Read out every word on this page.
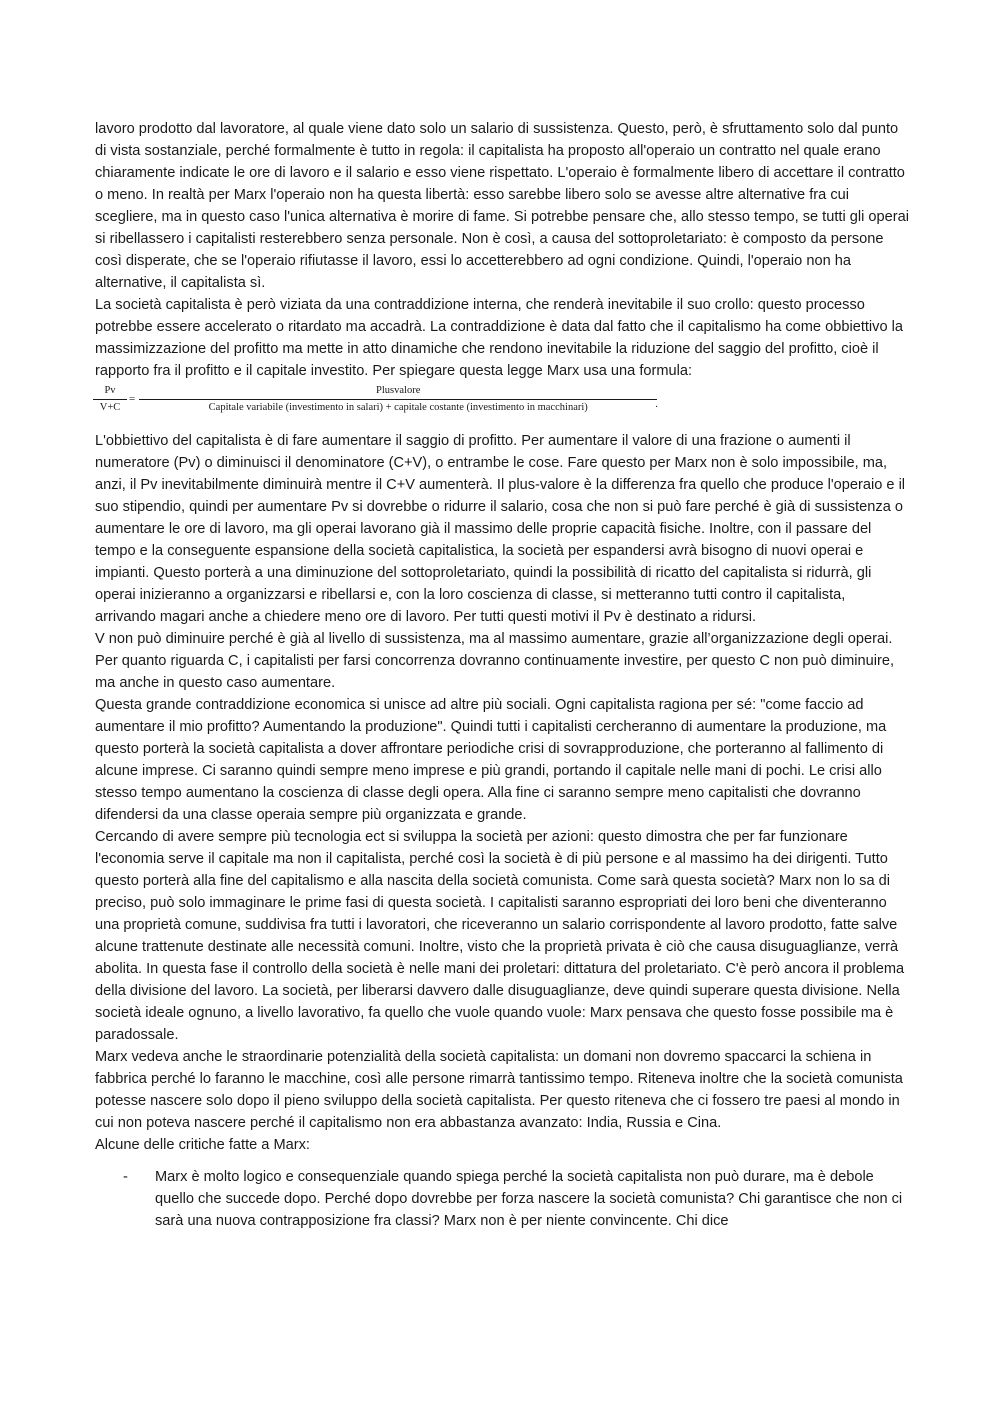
lavoro prodotto dal lavoratore, al quale viene dato solo un salario di sussistenza. Questo, però, è sfruttamento solo dal punto di vista sostanziale, perché formalmente è tutto in regola: il capitalista ha proposto all'operaio un contratto nel quale erano chiaramente indicate le ore di lavoro e il salario e esso viene rispettato. L'operaio è formalmente libero di accettare il contratto o meno. In realtà per Marx l'operaio non ha questa libertà: esso sarebbe libero solo se avesse altre alternative fra cui scegliere, ma in questo caso l'unica alternativa è morire di fame. Si potrebbe pensare che, allo stesso tempo, se tutti gli operai si ribellassero i capitalisti resterebbero senza personale. Non è così, a causa del sottoproletariato: è composto da persone così disperate, che se l'operaio rifiutasse il lavoro, essi lo accetterebbero ad ogni condizione. Quindi, l'operaio non ha alternative, il capitalista sì.

La società capitalista è però viziata da una contraddizione interna, che renderà inevitabile il suo crollo: questo processo potrebbe essere accelerato o ritardato ma accadrà. La contraddizione è data dal fatto che il capitalismo ha come obbiettivo la massimizzazione del profitto ma mette in atto dinamiche che rendono inevitabile la riduzione del saggio del profitto, cioè il rapporto fra il profitto e il capitale investito. Per spiegare questa legge Marx usa una formula:

$\frac{Pv}{V+C}$ =
Plusvalore
Capitale variabile (investimento in salari) + capitale costante (investimento in macchinari)	.

L'obbiettivo del capitalista è di fare aumentare il saggio di profitto. Per aumentare il valore di una frazione o aumenti il numeratore (Pv) o diminuisci il denominatore (C+V), o entrambe le cose. Fare questo per Marx non è solo impossibile, ma, anzi, il Pv inevitabilmente diminuirà mentre il C+V aumenterà. Il plus-valore è la differenza fra quello che produce l'operaio e il suo stipendio, quindi per aumentare Pv si dovrebbe o ridurre il salario, cosa che non si può fare perché è già di sussistenza o aumentare le ore di lavoro, ma gli operai lavorano già il massimo delle proprie capacità fisiche. Inoltre, con il passare del tempo e la conseguente espansione della società capitalistica, la società per espandersi avrà bisogno di nuovi operai e impianti. Questo porterà a una diminuzione del sottoproletariato, quindi la possibilità di ricatto del capitalista si ridurrà, gli operai inizieranno a organizzarsi e ribellarsi e, con la loro coscienza di classe, si metteranno tutti contro il capitalista, arrivando magari anche a chiedere meno ore di lavoro. Per tutti questi motivi il Pv è destinato a ridursi.

V non può diminuire perché è già al livello di sussistenza, ma al massimo aumentare, grazie all’organizzazione degli operai. Per quanto riguarda C, i capitalisti per farsi concorrenza dovranno continuamente investire, per questo C non può diminuire, ma anche in questo caso aumentare.

Questa grande contraddizione economica si unisce ad altre più sociali. Ogni capitalista ragiona per sé: "come faccio ad aumentare il mio profitto? Aumentando la produzione". Quindi tutti i capitalisti cercheranno di aumentare la produzione, ma questo porterà la società capitalista a dover affrontare periodiche crisi di sovrapproduzione, che porteranno al fallimento di alcune imprese. Ci saranno quindi sempre meno imprese e più grandi, portando il capitale nelle mani di pochi. Le crisi allo stesso tempo aumentano la coscienza di classe degli opera. Alla fine ci saranno sempre meno capitalisti che dovranno difendersi da una classe operaia sempre più organizzata e grande.

Cercando di avere sempre più tecnologia ect si sviluppa la società per azioni: questo dimostra che per far funzionare l'economia serve il capitale ma non il capitalista, perché così la società è di più persone e al massimo ha dei dirigenti. Tutto questo porterà alla fine del capitalismo e alla nascita della società comunista. Come sarà questa società? Marx non lo sa di preciso, può solo immaginare le prime fasi di questa società. I capitalisti saranno espropriati dei loro beni che diventeranno una proprietà comune, suddivisa fra tutti i lavoratori, che riceveranno un salario corrispondente al lavoro prodotto, fatte salve alcune trattenute destinate alle necessità comuni. Inoltre, visto che la proprietà privata è ciò che causa disuguaglianze, verrà abolita. In questa fase il controllo della società è nelle mani dei proletari: dittatura del proletariato. C'è però ancora il problema della divisione del lavoro. La società, per liberarsi davvero dalle disuguaglianze, deve quindi superare questa divisione. Nella società ideale ognuno, a livello lavorativo, fa quello che vuole quando vuole: Marx pensava che questo fosse possibile ma è paradossale.

Marx vedeva anche le straordinarie potenzialità della società capitalista: un domani non dovremo spaccarci la schiena in fabbrica perché lo faranno le macchine, così alle persone rimarrà tantissimo tempo. Riteneva inoltre che la società comunista potesse nascere solo dopo il pieno sviluppo della società capitalista. Per questo riteneva che ci fossero tre paesi al mondo in cui non poteva nascere perché il capitalismo non era abbastanza avanzato: India, Russia e Cina.

Alcune delle critiche fatte a Marx:

-	Marx è molto logico e consequenziale quando spiega perché la società capitalista non può durare, ma è debole quello che succede dopo. Perché dopo dovrebbe per forza nascere la società comunista? Chi garantisce che non ci sarà una nuova contrapposizione fra classi? Marx non è per niente convincente. Chi dice
